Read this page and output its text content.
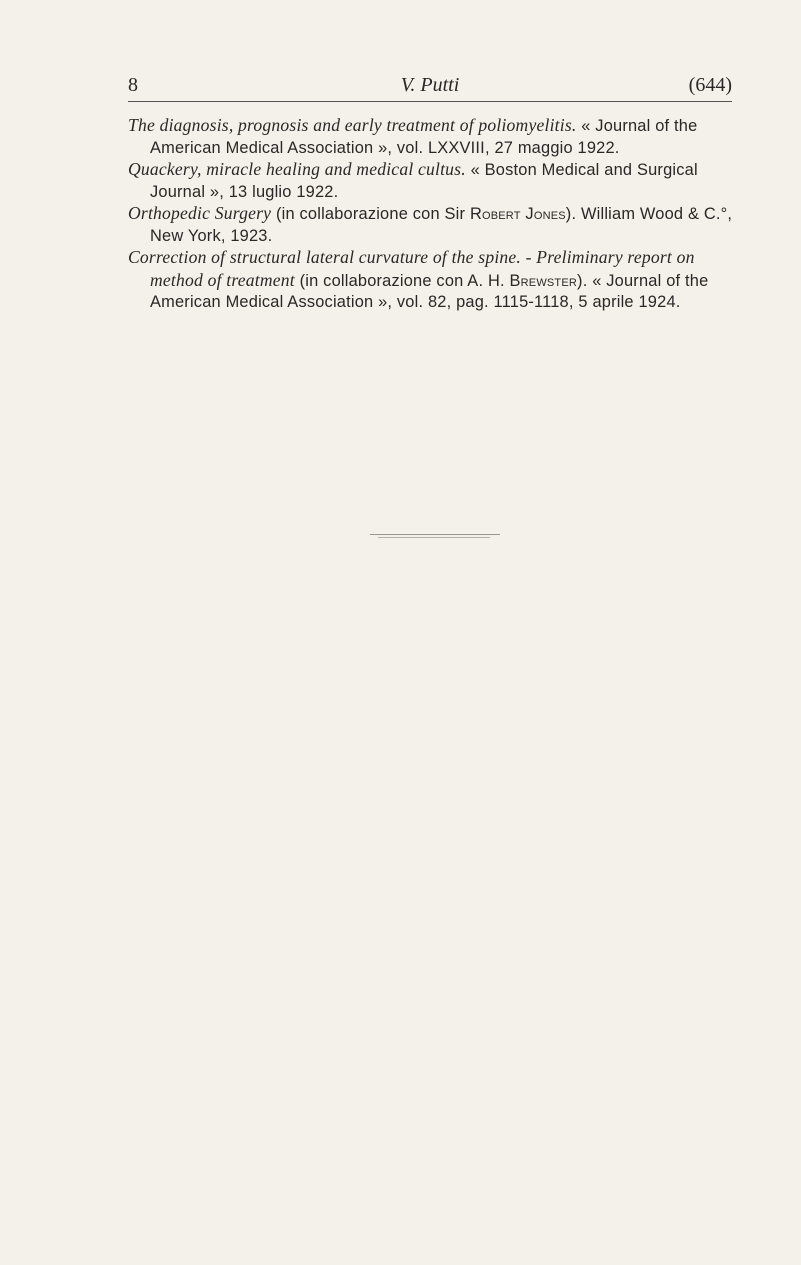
8	V. Putti	(644)

The diagnosis, prognosis and early treatment of poliomyelitis. « Journal of the American Medical Association », vol. LXXVIII, 27 maggio 1922.

Quackery, miracle healing and medical cultus. « Boston Medical and Surgical Journal », 13 luglio 1922.

Orthopedic Surgery (in collaborazione con Sir Robert Jones). William Wood & C.°, New York, 1923.

Correction of structural lateral curvature of the spine. - Preliminary report on method of treatment (in collaborazione con A. H. Brewster). « Journal of the American Medical Association », vol. 82, pag. 1115-1118, 5 aprile 1924.
